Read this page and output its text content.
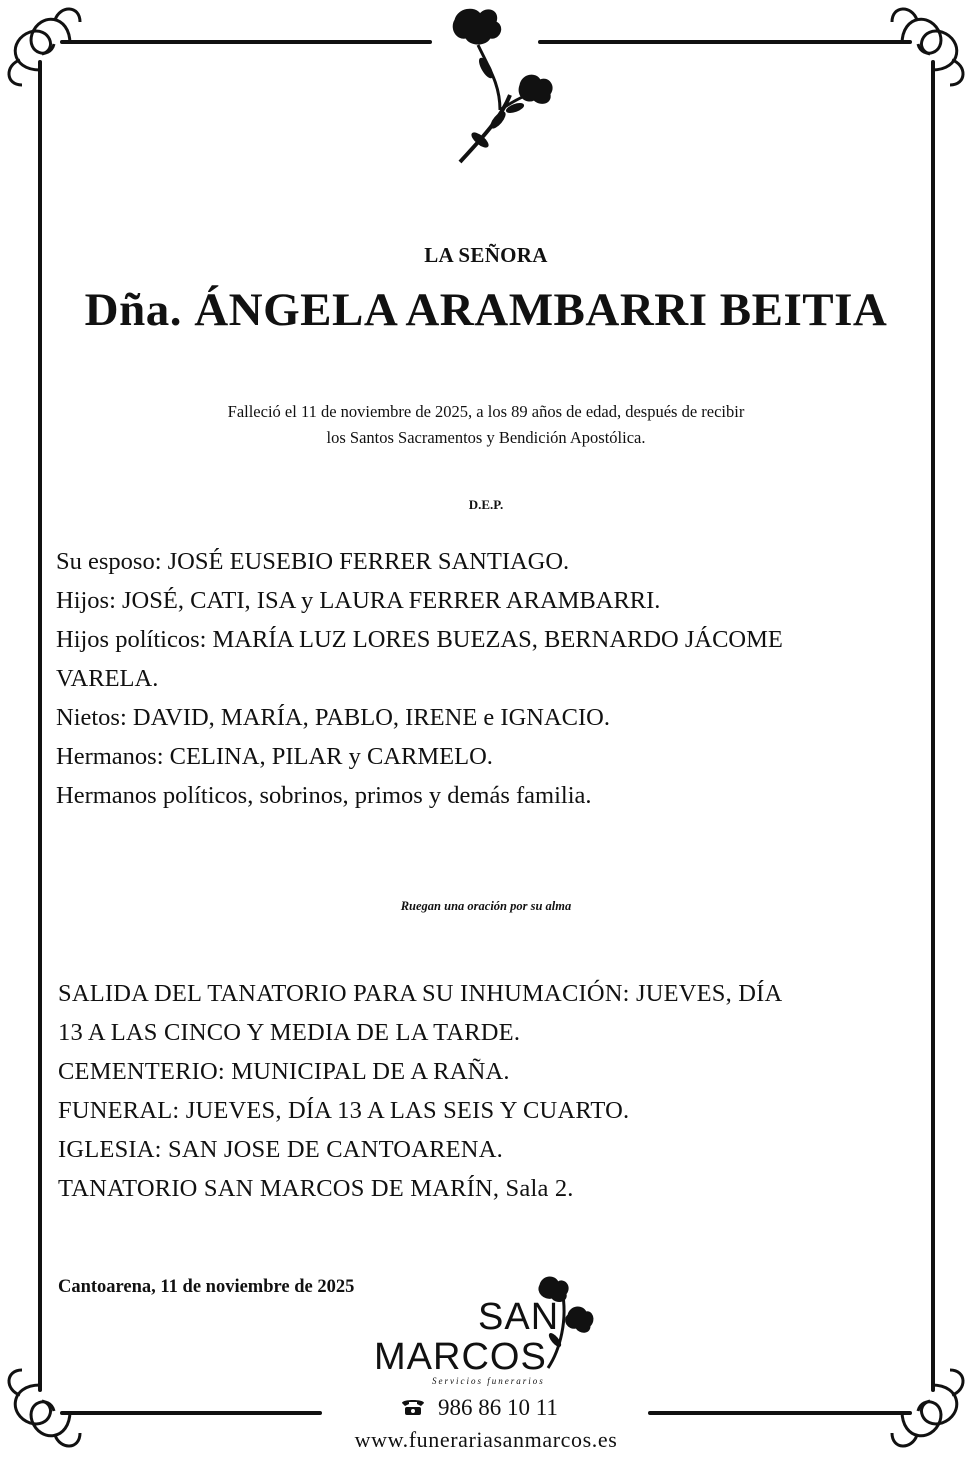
LA SEÑORA
Dña. ÁNGELA ARAMBARRI BEITIA
Falleció el 11 de noviembre de 2025, a los 89 años de edad, después de recibir
los Santos Sacramentos y Bendición Apostólica.
D.E.P.
Su esposo: JOSÉ EUSEBIO FERRER SANTIAGO.
Hijos: JOSÉ, CATI, ISA y LAURA FERRER ARAMBARRI.
Hijos políticos: MARÍA LUZ LORES BUEZAS, BERNARDO JÁCOME
VARELA.
Nietos: DAVID, MARÍA, PABLO, IRENE e IGNACIO.
Hermanos: CELINA, PILAR y CARMELO.
Hermanos políticos, sobrinos, primos y demás familia.
Ruegan una oración por su alma
SALIDA DEL TANATORIO PARA SU INHUMACIÓN: JUEVES, DÍA
13 A LAS CINCO Y MEDIA DE LA TARDE.
CEMENTERIO: MUNICIPAL DE A RAÑA.
FUNERAL: JUEVES, DÍA 13 A LAS SEIS Y CUARTO.
IGLESIA: SAN JOSE DE CANTOARENA.
TANATORIO SAN MARCOS DE MARÍN, Sala 2.
Cantoarena, 11 de noviembre de 2025
SAN
MARCOS
Servicios funerarios
986 86 10 11
www.funerariasanmarcos.es
